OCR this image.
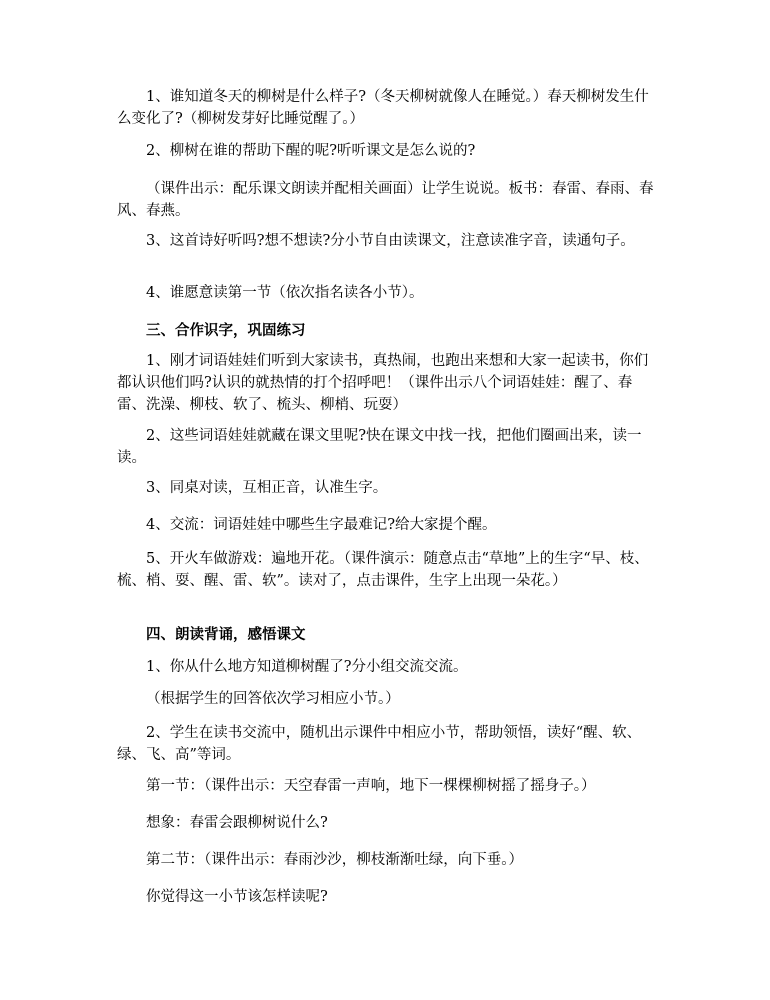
1、谁知道冬天的柳树是什么样子?（冬天柳树就像人在睡觉。）春天柳树发生什么变化了?（柳树发芽好比睡觉醒了。）

2、柳树在谁的帮助下醒的呢?听听课文是怎么说的?

（课件出示：配乐课文朗读并配相关画面）让学生说说。板书：春雷、春雨、春风、春燕。

3、这首诗好听吗?想不想读?分小节自由读课文，注意读准字音，读通句子。

4、谁愿意读第一节（依次指名读各小节）。

三、合作识字，巩固练习

1、刚才词语娃娃们听到大家读书，真热闹，也跑出来想和大家一起读书，你们都认识他们吗?认识的就热情的打个招呼吧！（课件出示八个词语娃娃：醒了、春雷、洗澡、柳枝、软了、梳头、柳梢、玩耍）

2、这些词语娃娃就藏在课文里呢?快在课文中找一找，把他们圈画出来，读一读。

3、同桌对读，互相正音，认准生字。

4、交流：词语娃娃中哪些生字最难记?给大家提个醒。

5、开火车做游戏：遍地开花。（课件演示：随意点击“草地”上的生字“早、枝、梳、梢、耍、醒、雷、软”。读对了，点击课件，生字上出现一朵花。）

四、朗读背诵，感悟课文

1、你从什么地方知道柳树醒了?分小组交流交流。

（根据学生的回答依次学习相应小节。）

2、学生在读书交流中，随机出示课件中相应小节，帮助领悟，读好“醒、软、绿、飞、高”等词。

第一节：（课件出示：天空春雷一声响，地下一棵棵柳树摇了摇身子。）

想象：春雷会跟柳树说什么?

第二节：（课件出示：春雨沙沙，柳枝渐渐吐绿，向下垂。）

你觉得这一小节该怎样读呢?
